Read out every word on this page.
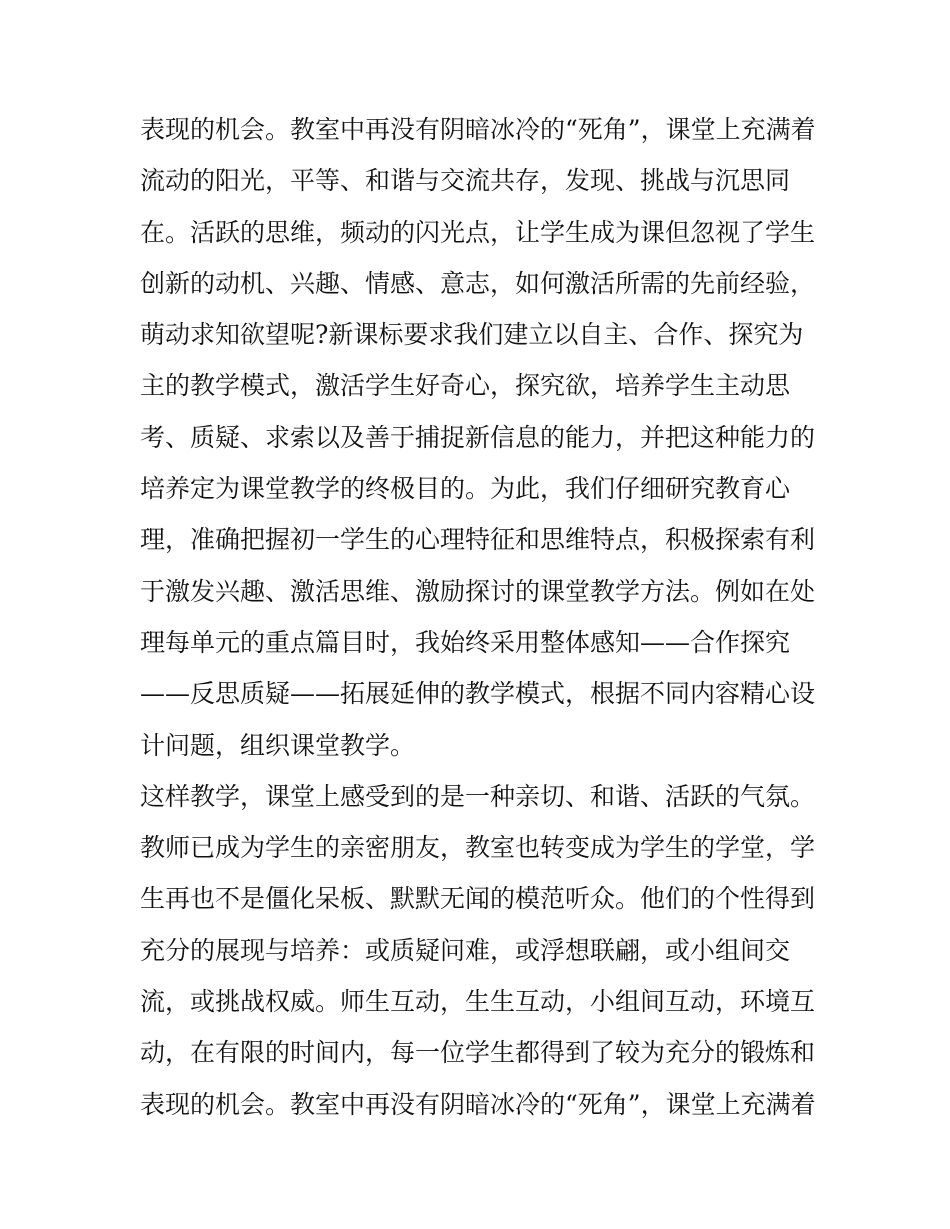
表现的机会。教室中再没有阴暗冰冷的“死角”，课堂上充满着
流动的阳光，平等、和谐与交流共存，发现、挑战与沉思同
在。活跃的思维，频动的闪光点，让学生成为课但忽视了学生
创新的动机、兴趣、情感、意志，如何激活所需的先前经验，
萌动求知欲望呢?新课标要求我们建立以自主、合作、探究为
主的教学模式，激活学生好奇心，探究欲，培养学生主动思
考、质疑、求索以及善于捕捉新信息的能力，并把这种能力的
培养定为课堂教学的终极目的。为此，我们仔细研究教育心
理，准确把握初一学生的心理特征和思维特点，积极探索有利
于激发兴趣、激活思维、激励探讨的课堂教学方法。例如在处
理每单元的重点篇目时，我始终采用整体感知——合作探究
——反思质疑——拓展延伸的教学模式，根据不同内容精心设
计问题，组织课堂教学。
这样教学，课堂上感受到的是一种亲切、和谐、活跃的气氛。
教师已成为学生的亲密朋友，教室也转变成为学生的学堂，学
生再也不是僵化呆板、默默无闻的模范听众。他们的个性得到
充分的展现与培养：或质疑问难，或浮想联翩，或小组间交
流，或挑战权威。师生互动，生生互动，小组间互动，环境互
动，在有限的时间内，每一位学生都得到了较为充分的锻炼和
表现的机会。教室中再没有阴暗冰冷的“死角”，课堂上充满着
